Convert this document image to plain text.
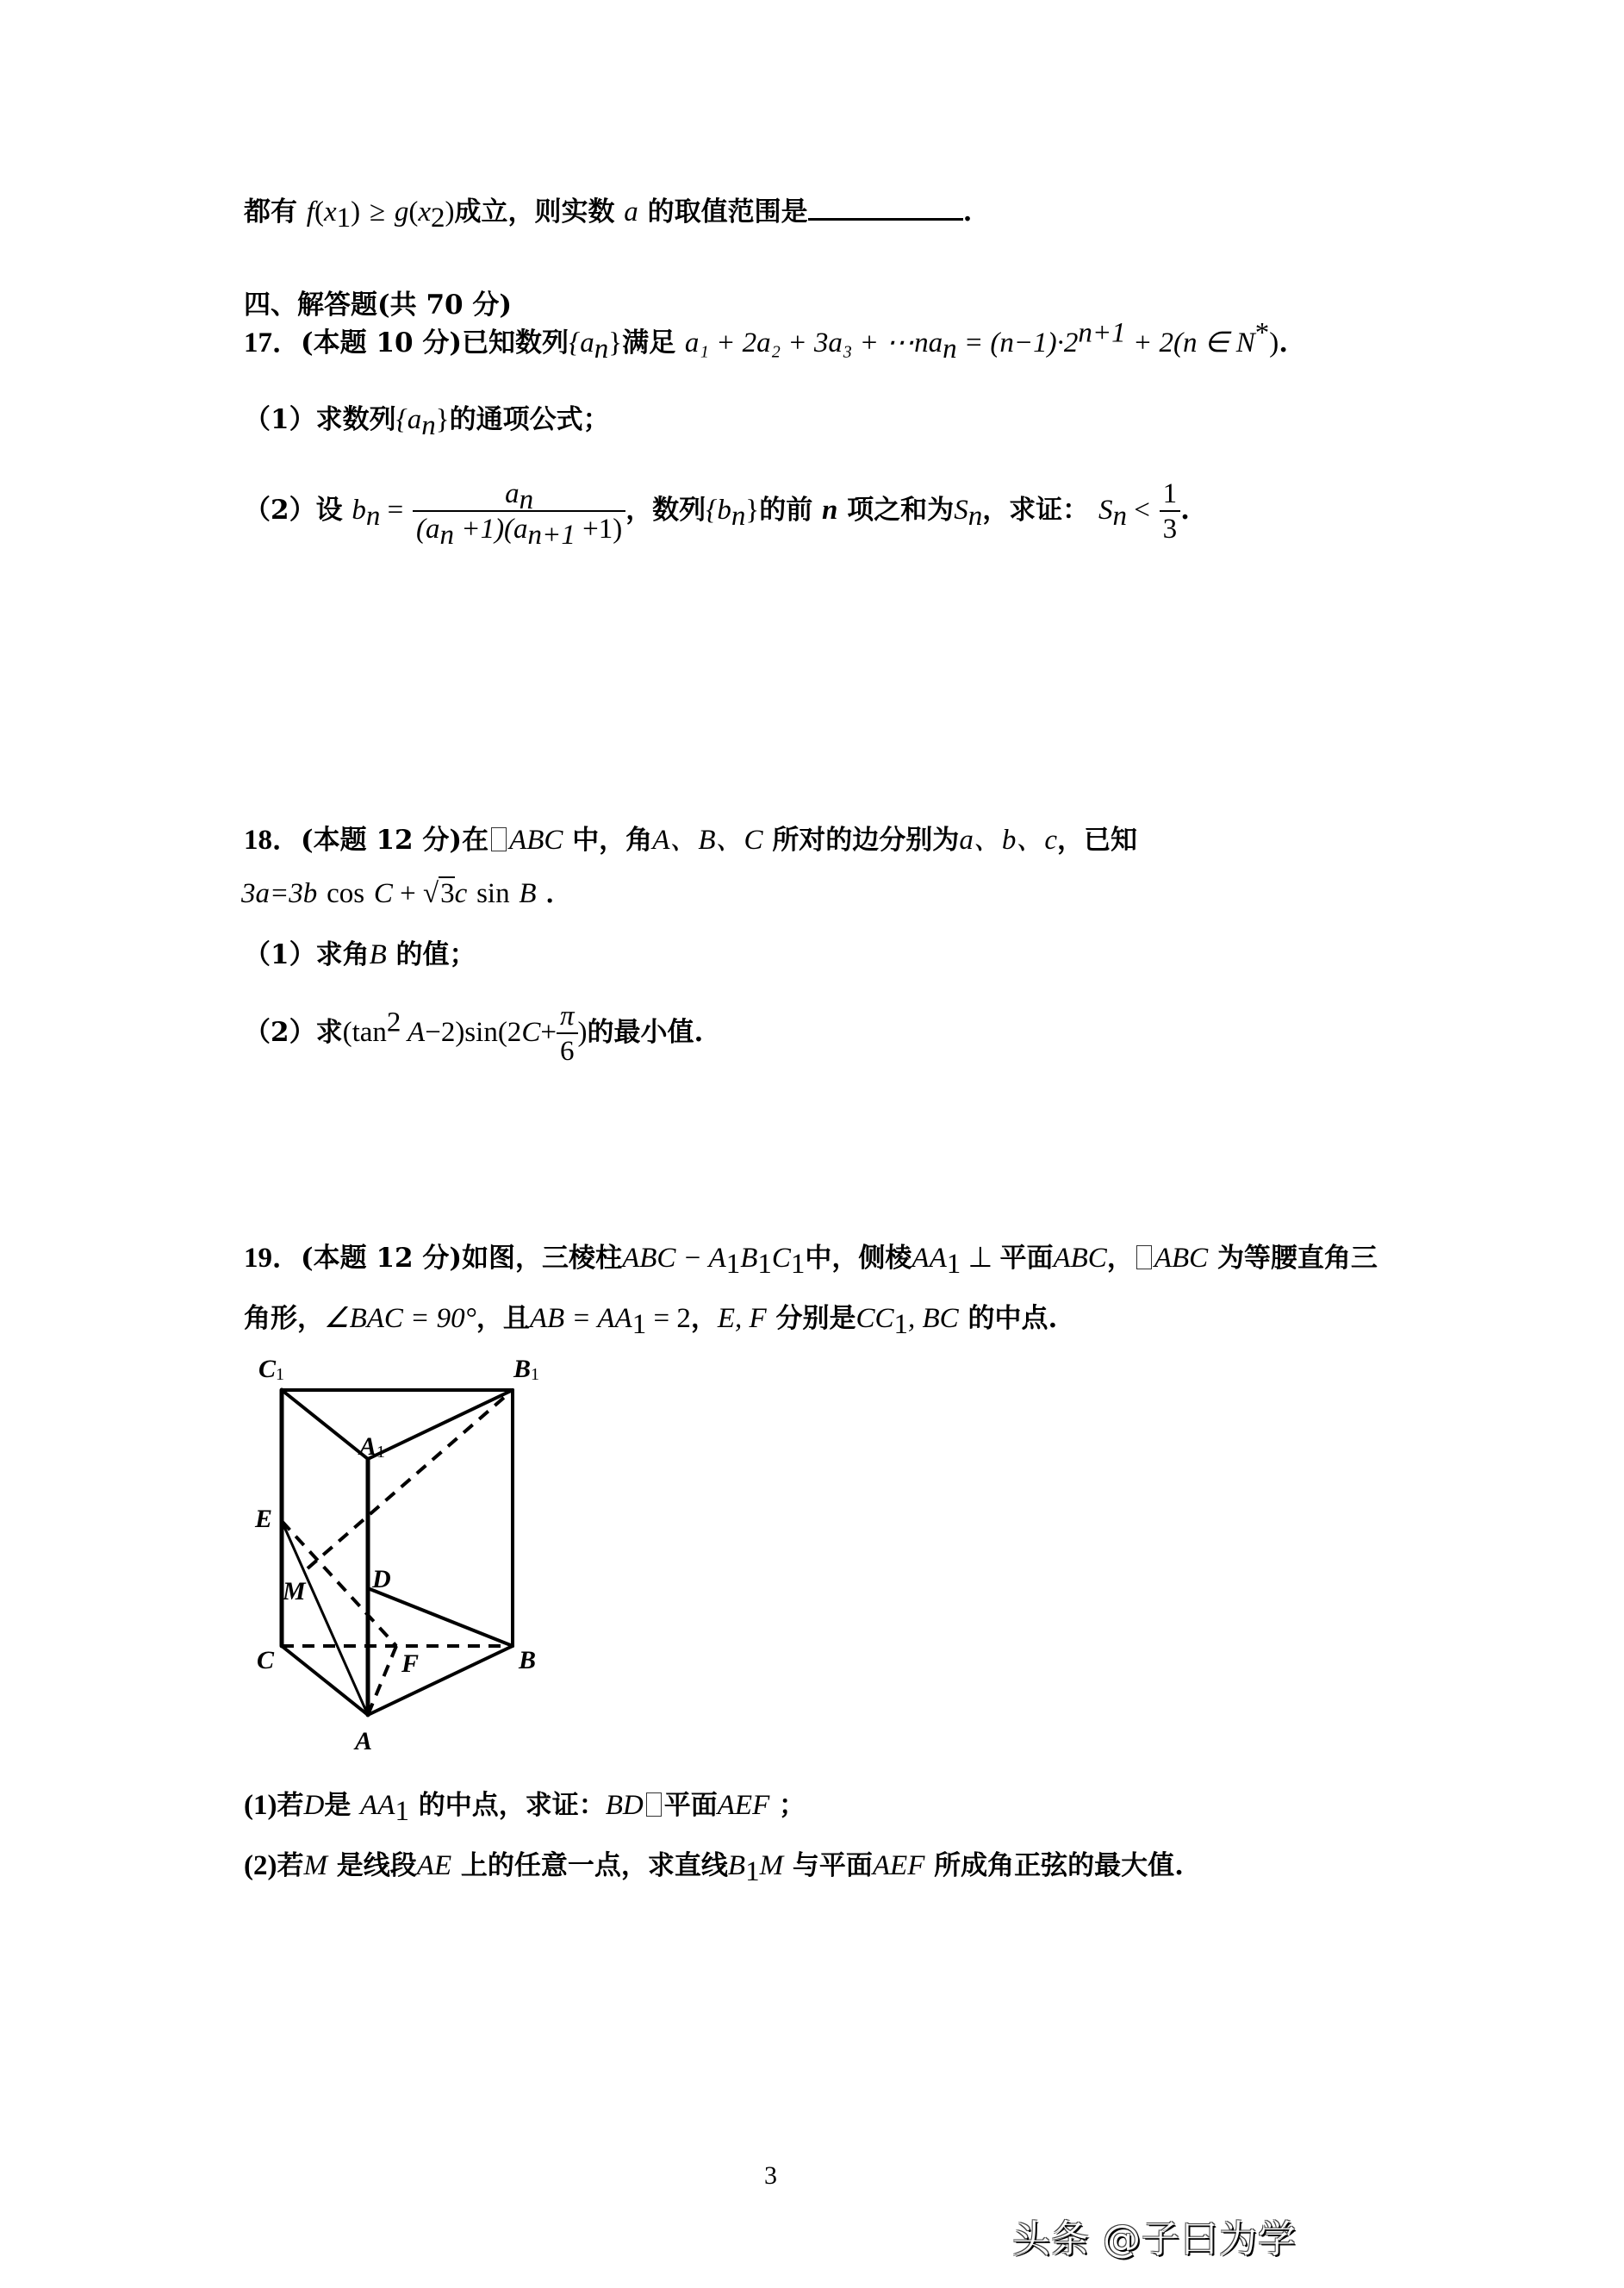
都有 $f(x_1) \ge g(x_2)$成立，则实数 a 的取值范围是	.
四、解答题(共 70 分)
17．(本题 10 分)已知数列$\{a_n\}$满足 $a_1 + 2a_2 + 3a_3 + \cdots na_n = (n-1)\cdot 2^{n+1} + 2(n$ ∈ N*).
（1）求数列$\{a_n\}$的通项公式；
（2）设 $b_n = \frac{a_n}{(a_n +1)(a_{n+1} +1)}$ ，数列$\{b_n\}$的前 n 项之和为$S_n$，求证： $S_n < \frac{1}{3}$ .
18．(本题 12 分)在 ABC 中，角A、B、C 所对的边分别为a、b、c，已知
3a=3b cos C + √3c sin B ．
（1）求角B 的值；
（2）求($\tan^2$ $A-2)\sin(2C+ \frac{\pi}{6}$ )的最小值.
19．(本题 12 分)如图，三棱柱ABC − $A_1B_1C_1$中，侧棱$AA_1$ ⊥ 平面ABC， ABC 为等腰直角三
角形，∠BAC = 90°，且AB = $AA_1 = 2$，E, F 分别是$CC_1$, BC 的中点.
C1	B1
A1
E
M	D
C	F	B
A
(1)若D是 $AA_1$ 的中点，求证：BD 平面AEF ；
(2)若M 是线段AE 上的任意一点，求直线$B_1M$ 与平面AEF 所成角正弦的最大值.
3
头条 @子曰为学
